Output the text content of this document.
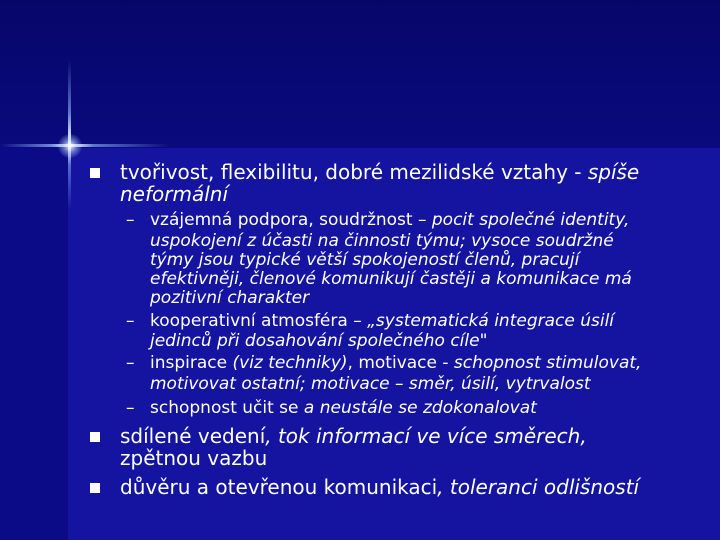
tvořivost, flexibilitu, dobré mezilidské vztahy - spíše
neformální
– vzájemná podpora, soudržnost – pocit společné identity,
uspokojení z účasti na činnosti týmu; vysoce soudržné
týmy jsou typické větší spokojeností členů, pracují
efektivněji, členové komunikují častěji a komunikace má
pozitivní charakter
– kooperativní atmosféra – „systematická integrace úsilí
jedinců při dosahování společného cíle"
– inspirace (viz techniky), motivace - schopnost stimulovat,
motivovat ostatní; motivace – směr, úsilí, vytrvalost
– schopnost učit se a neustále se zdokonalovat
sdílené vedení, tok informací ve více směrech,
zpětnou vazbu
důvěru a otevřenou komunikaci, toleranci odlišností
